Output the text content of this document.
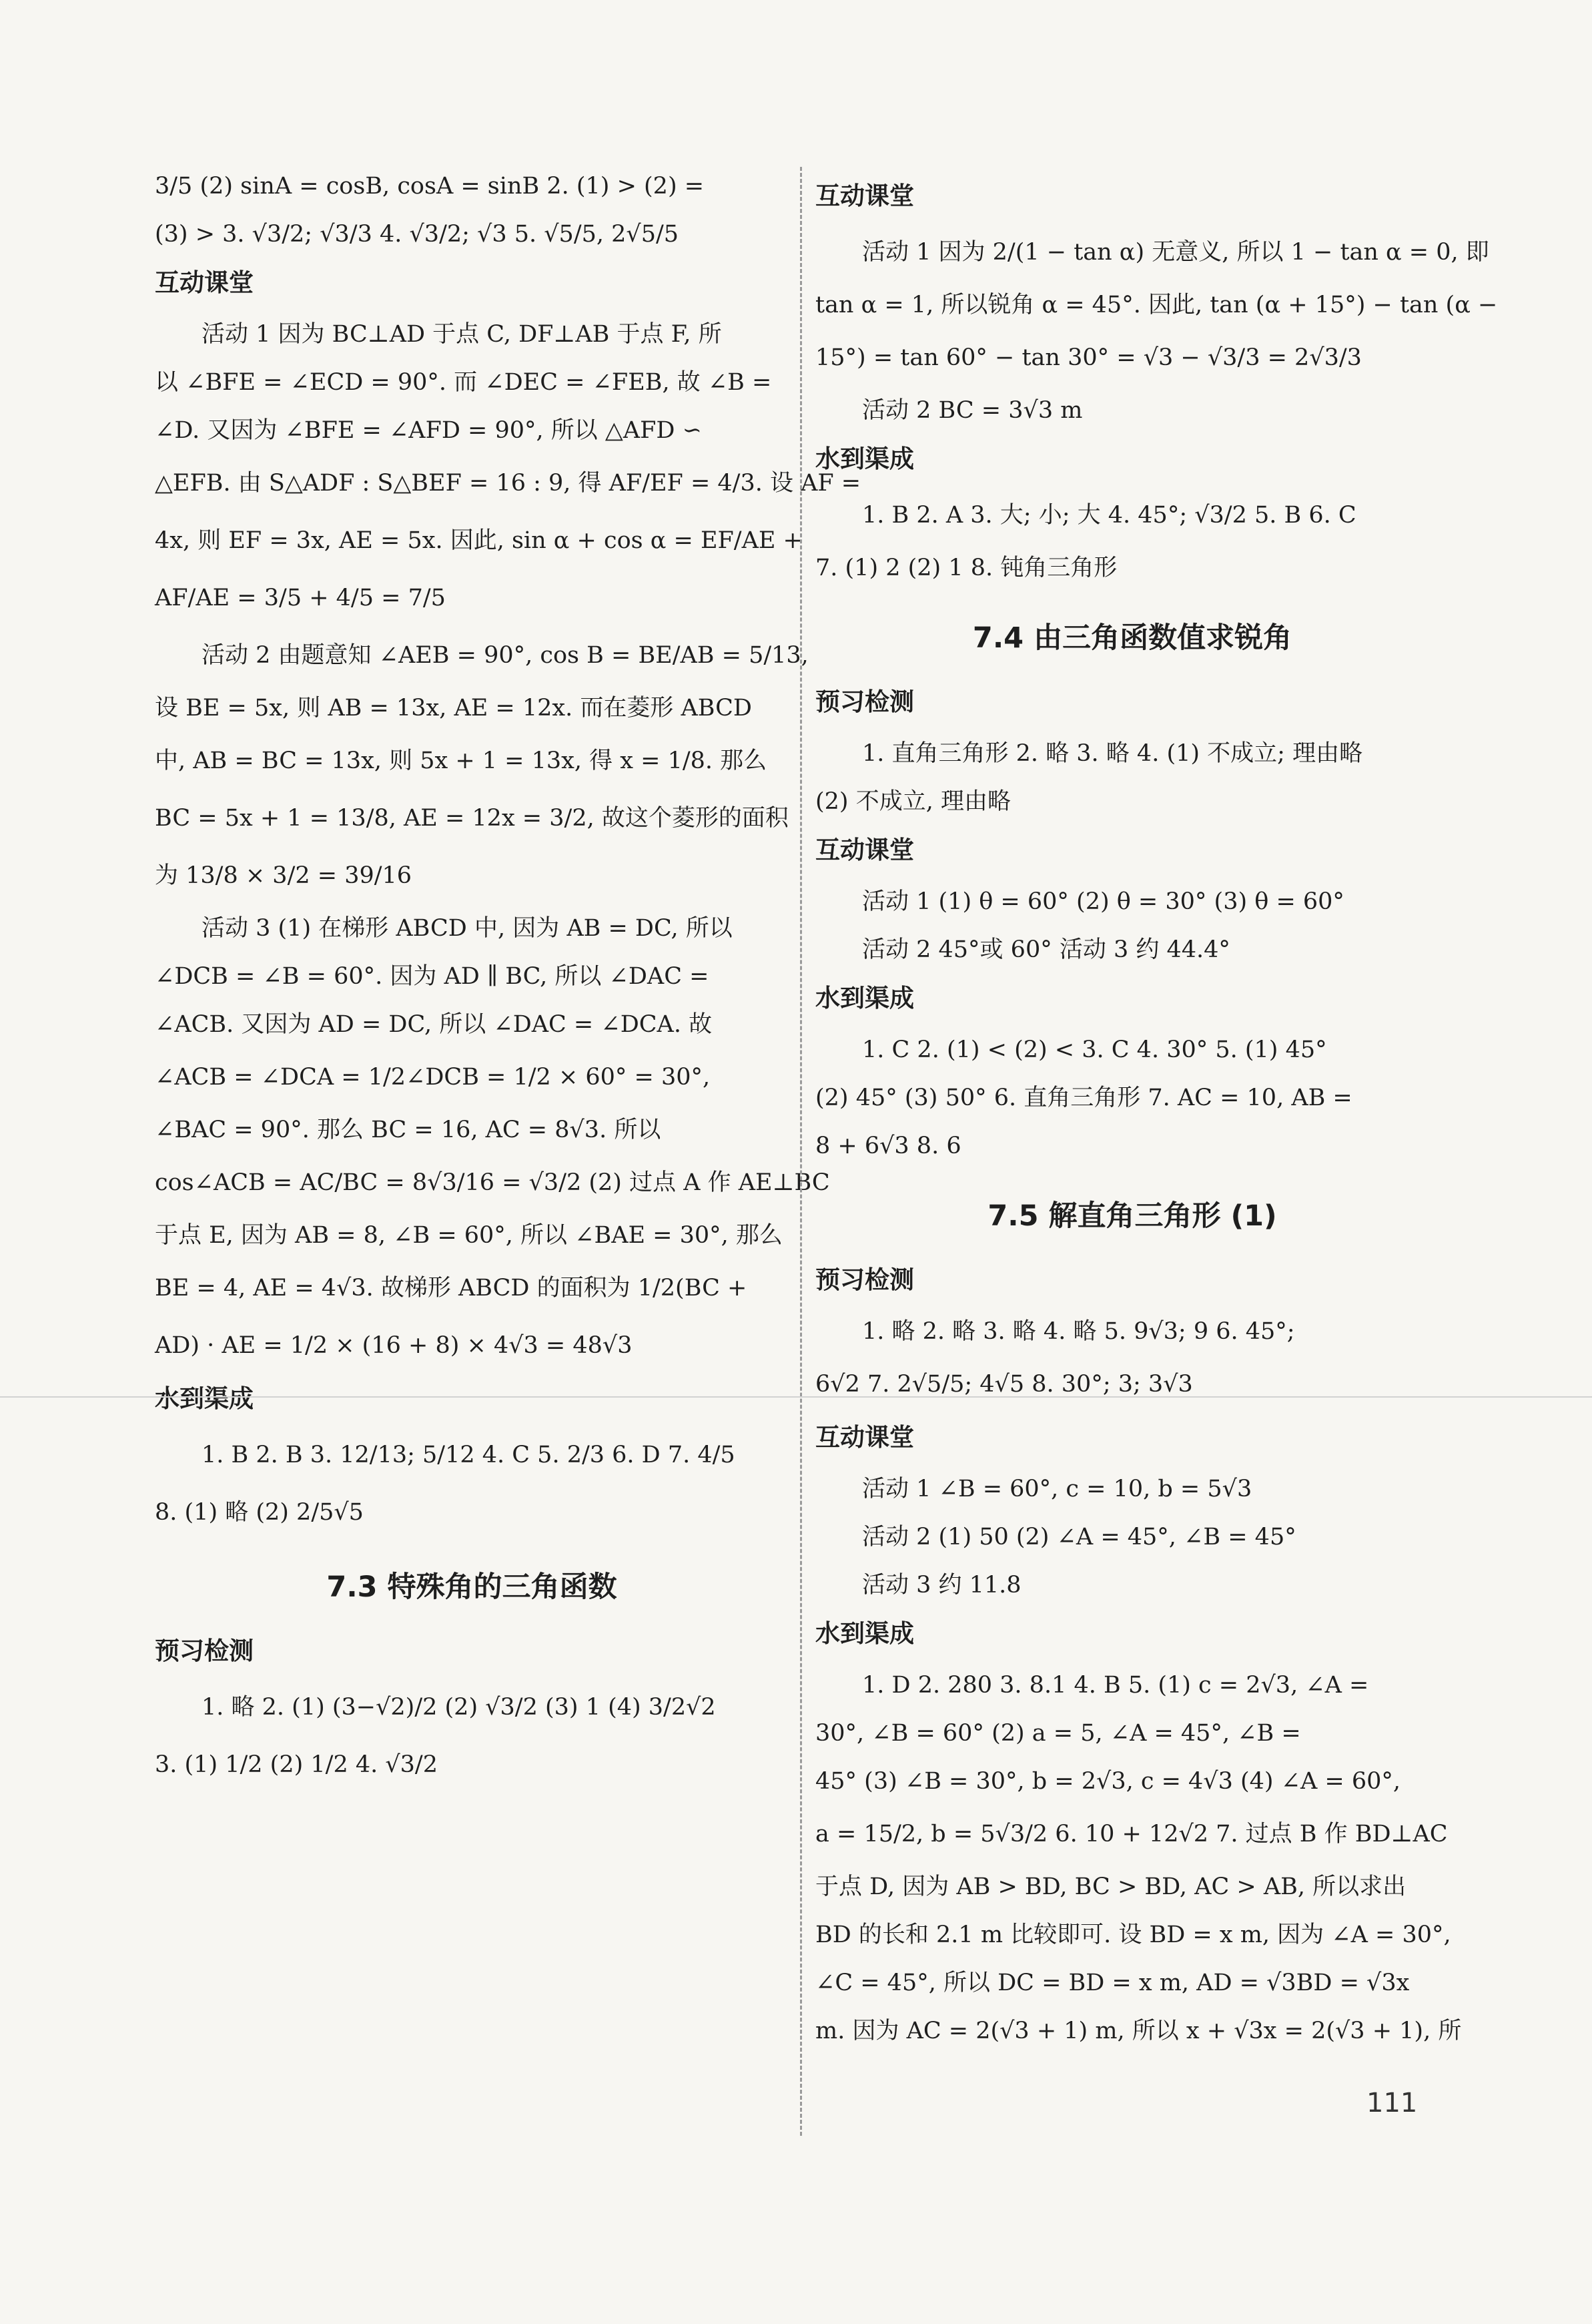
3/5 (2) sinA = cosB, cosA = sinB 2. (1) > (2) =
(3) > 3. √3/2; √3/3 4. √3/2; √3 5. √5/5, 2√5/5
互动课堂
活动 1 因为 BC⊥AD 于点 C, DF⊥AB 于点 F, 所
以 ∠BFE = ∠ECD = 90°. 而 ∠DEC = ∠FEB, 故 ∠B =
∠D. 又因为 ∠BFE = ∠AFD = 90°, 所以 △AFD ∽
△EFB. 由 S△ADF : S△BEF = 16 : 9, 得 AF/EF = 4/3. 设 AF =
4x, 则 EF = 3x, AE = 5x. 因此, sin α + cos α = EF/AE +
AF/AE = 3/5 + 4/5 = 7/5
活动 2 由题意知 ∠AEB = 90°, cos B = BE/AB = 5/13,
设 BE = 5x, 则 AB = 13x, AE = 12x. 而在菱形 ABCD
中, AB = BC = 13x, 则 5x + 1 = 13x, 得 x = 1/8. 那么
BC = 5x + 1 = 13/8, AE = 12x = 3/2, 故这个菱形的面积
为 13/8 × 3/2 = 39/16
活动 3 (1) 在梯形 ABCD 中, 因为 AB = DC, 所以
∠DCB = ∠B = 60°. 因为 AD ∥ BC, 所以 ∠DAC =
∠ACB. 又因为 AD = DC, 所以 ∠DAC = ∠DCA. 故
∠ACB = ∠DCA = 1/2∠DCB = 1/2 × 60° = 30°,
∠BAC = 90°. 那么 BC = 16, AC = 8√3. 所以
cos∠ACB = AC/BC = 8√3/16 = √3/2 (2) 过点 A 作 AE⊥BC
于点 E, 因为 AB = 8, ∠B = 60°, 所以 ∠BAE = 30°, 那么
BE = 4, AE = 4√3. 故梯形 ABCD 的面积为 1/2(BC +
AD) · AE = 1/2 × (16 + 8) × 4√3 = 48√3
水到渠成
1. B 2. B 3. 12/13; 5/12 4. C 5. 2/3 6. D 7. 4/5
8. (1) 略 (2) 2/5√5
7.3 特殊角的三角函数
预习检测
1. 略 2. (1) (3−√2)/2 (2) √3/2 (3) 1 (4) 3/2√2
3. (1) 1/2 (2) 1/2 4. √3/2
互动课堂
活动 1 因为 2/(1 − tan α) 无意义, 所以 1 − tan α = 0, 即
tan α = 1, 所以锐角 α = 45°. 因此, tan (α + 15°) − tan (α −
15°) = tan 60° − tan 30° = √3 − √3/3 = 2√3/3
活动 2 BC = 3√3 m
水到渠成
1. B 2. A 3. 大; 小; 大 4. 45°; √3/2 5. B 6. C
7. (1) 2 (2) 1 8. 钝角三角形
7.4 由三角函数值求锐角
预习检测
1. 直角三角形 2. 略 3. 略 4. (1) 不成立; 理由略
(2) 不成立, 理由略
互动课堂
活动 1 (1) θ = 60° (2) θ = 30° (3) θ = 60°
活动 2 45°或 60° 活动 3 约 44.4°
水到渠成
1. C 2. (1) < (2) < 3. C 4. 30° 5. (1) 45°
(2) 45° (3) 50° 6. 直角三角形 7. AC = 10, AB =
8 + 6√3 8. 6
7.5 解直角三角形 (1)
预习检测
1. 略 2. 略 3. 略 4. 略 5. 9√3; 9 6. 45°;
6√2 7. 2√5/5; 4√5 8. 30°; 3; 3√3
互动课堂
活动 1 ∠B = 60°, c = 10, b = 5√3
活动 2 (1) 50 (2) ∠A = 45°, ∠B = 45°
活动 3 约 11.8
水到渠成
1. D 2. 280 3. 8.1 4. B 5. (1) c = 2√3, ∠A =
30°, ∠B = 60° (2) a = 5, ∠A = 45°, ∠B =
45° (3) ∠B = 30°, b = 2√3, c = 4√3 (4) ∠A = 60°,
a = 15/2, b = 5√3/2 6. 10 + 12√2 7. 过点 B 作 BD⊥AC
于点 D, 因为 AB > BD, BC > BD, AC > AB, 所以求出
BD 的长和 2.1 m 比较即可. 设 BD = x m, 因为 ∠A = 30°,
∠C = 45°, 所以 DC = BD = x m, AD = √3BD = √3x
m. 因为 AC = 2(√3 + 1) m, 所以 x + √3x = 2(√3 + 1), 所
111
